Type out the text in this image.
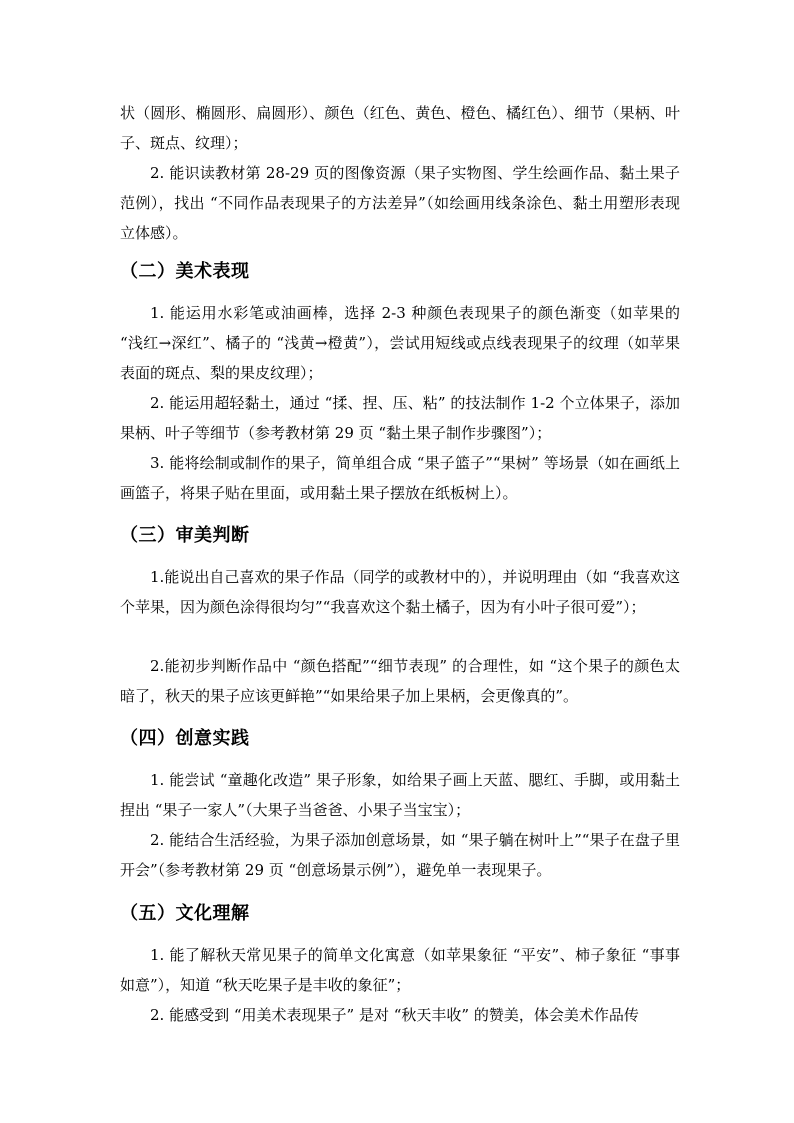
状（圆形、椭圆形、扁圆形）、颜色（红色、黄色、橙色、橘红色）、细节（果柄、叶子、斑点、纹理）；

2. 能识读教材第 28-29 页的图像资源（果子实物图、学生绘画作品、黏土果子范例），找出 “不同作品表现果子的方法差异”（如绘画用线条涂色、黏土用塑形表现立体感）。

（二）美术表现

1. 能运用水彩笔或油画棒，选择 2-3 种颜色表现果子的颜色渐变（如苹果的 “浅红→深红”、橘子的 “浅黄→橙黄”），尝试用短线或点线表现果子的纹理（如苹果表面的斑点、梨的果皮纹理）；

2. 能运用超轻黏土，通过 “揉、捏、压、粘” 的技法制作 1-2 个立体果子，添加果柄、叶子等细节（参考教材第 29 页 “黏土果子制作步骤图”）；

3. 能将绘制或制作的果子，简单组合成 “果子篮子”“果树” 等场景（如在画纸上画篮子，将果子贴在里面，或用黏土果子摆放在纸板树上）。

（三）审美判断

1.能说出自己喜欢的果子作品（同学的或教材中的），并说明理由（如 “我喜欢这个苹果，因为颜色涂得很均匀”“我喜欢这个黏土橘子，因为有小叶子很可爱”）；

2.能初步判断作品中 “颜色搭配”“细节表现” 的合理性，如 “这个果子的颜色太暗了，秋天的果子应该更鲜艳”“如果给果子加上果柄，会更像真的”。

（四）创意实践

1. 能尝试 “童趣化改造” 果子形象，如给果子画上天蓝、腮红、手脚，或用黏土捏出 “果子一家人”（大果子当爸爸、小果子当宝宝）；

2. 能结合生活经验，为果子添加创意场景，如 “果子躺在树叶上”“果子在盘子里开会”（参考教材第 29 页 “创意场景示例”），避免单一表现果子。

（五）文化理解

1. 能了解秋天常见果子的简单文化寓意（如苹果象征 “平安”、柿子象征 “事事如意”），知道 “秋天吃果子是丰收的象征”；

2. 能感受到 “用美术表现果子” 是对 “秋天丰收” 的赞美，体会美术作品传
